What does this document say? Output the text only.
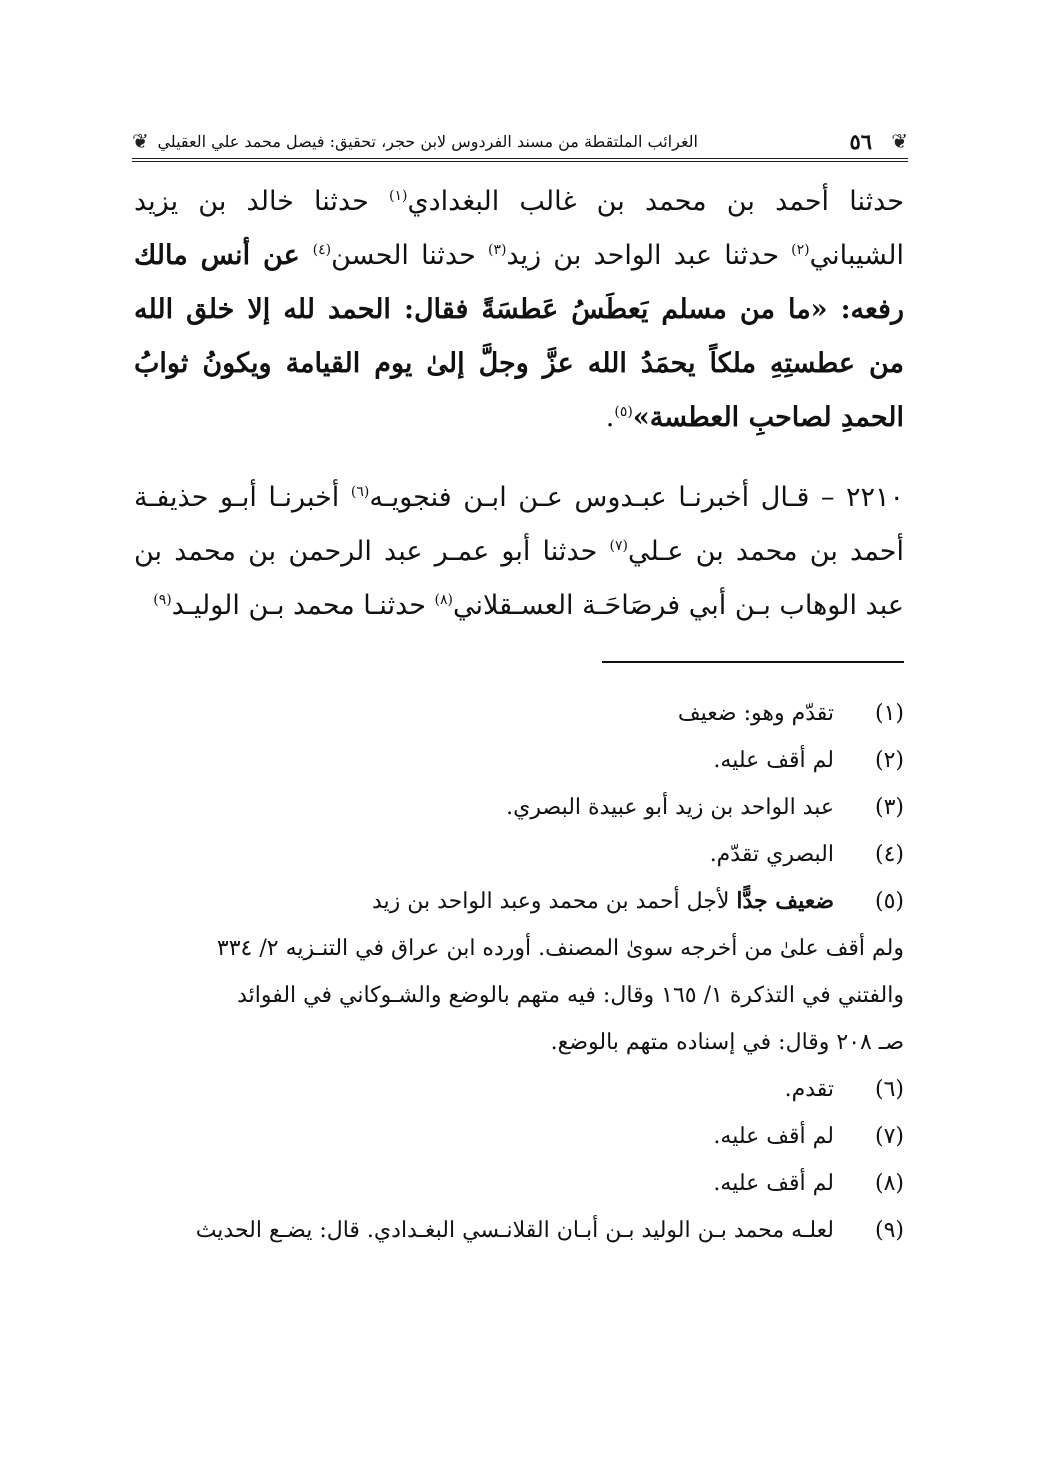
❦
٥٦
الغرائب الملتقطة من مسند الفردوس لابن حجر، تحقيق: فيصل محمد علي العقيلي
❦

حدثنا أحمد بن محمد بن غالب البغدادي$^{(١)}$ حدثنا خالد بن يزيد الشيباني$^{(٢)}$ حدثنا عبد الواحد بن زيد$^{(٣)}$ حدثنا الحسن$^{(٤)}$ عن أنس مالك رفعه: «ما من مسلم يَعطَسُ عَطسَةً فقال: الحمد لله إلا خلق الله من عطستِهِ ملكاً يحمَدُ الله عزَّ وجلَّ إلىٰ يوم القيامة ويكونُ ثوابُ الحمدِ لصاحبِ العطسة»$^{(٥)}$.

٢٢١٠ – قـال أخبرنـا عبـدوس عـن ابـن فنجويـه$^{(٦)}$ أخبرنـا أبـو حذيفـة أحمد بن محمد بن عـلي$^{(٧)}$ حدثنا أبو عمـر عبد الرحمن بن محمد بن عبد الوهاب بـن أبي فرصَاحَـة العسـقلاني$^{(٨)}$ حدثنـا محمد بـن الوليـد$^{(٩)}$

(١)  تقدّم وهو: ضعيف
(٢)  لم أقف عليه.
(٣)  عبد الواحد بن زيد أبو عبيدة البصري.
(٤)  البصري تقدّم.
(٥)  ضعيف جدًّا لأجل أحمد بن محمد وعبد الواحد بن زيد
ولم أقف علىٰ من أخرجه سوىٰ المصنف. أورده ابن عراق في التنـزيه ٢/ ٣٣٤
والفتني في التذكرة ١/ ١٦٥ وقال: فيه متهم بالوضع والشـوكاني في الفوائد
صـ ٢٠٨ وقال: في إسناده متهم بالوضع.
(٦)  تقدم.
(٧)  لم أقف عليه.
(٨)  لم أقف عليه.
(٩)  لعلـه محمد بـن الوليد بـن أبـان القلانـسي البغـدادي. قال: يضـع الحديث
